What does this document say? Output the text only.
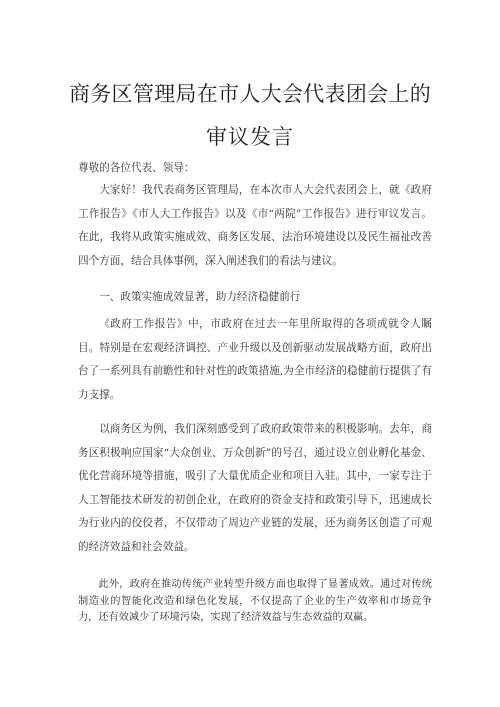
商务区管理局在市人大会代表团会上的
审议发言

尊敬的各位代表、领导：

大家好！我代表商务区管理局，在本次市人大会代表团会上，就《政府工作报告》《市人大工作报告》以及《市“两院”工作报告》进行审议发言。在此，我将从政策实施成效、商务区发展、法治环境建设以及民生福祉改善四个方面，结合具体事例，深入阐述我们的看法与建议。

一、政策实施成效显著，助力经济稳健前行

《政府工作报告》中，市政府在过去一年里所取得的各项成就令人瞩目。特别是在宏观经济调控、产业升级以及创新驱动发展战略方面，政府出台了一系列具有前瞻性和针对性的政策措施,为全市经济的稳健前行提供了有力支撑。

以商务区为例，我们深刻感受到了政府政策带来的积极影响。去年，商务区积极响应国家“大众创业、万众创新”的号召，通过设立创业孵化基金、优化营商环境等措施，吸引了大量优质企业和项目入驻。其中，一家专注于人工智能技术研发的初创企业，在政府的资金支持和政策引导下，迅速成长为行业内的佼佼者，不仅带动了周边产业链的发展，还为商务区创造了可观的经济效益和社会效益。

此外，政府在推动传统产业转型升级方面也取得了显著成效。通过对传统制造业的智能化改造和绿色化发展，不仅提高了企业的生产效率和市场竞争力，还有效减少了环境污染，实现了经济效益与生态效益的双赢。
